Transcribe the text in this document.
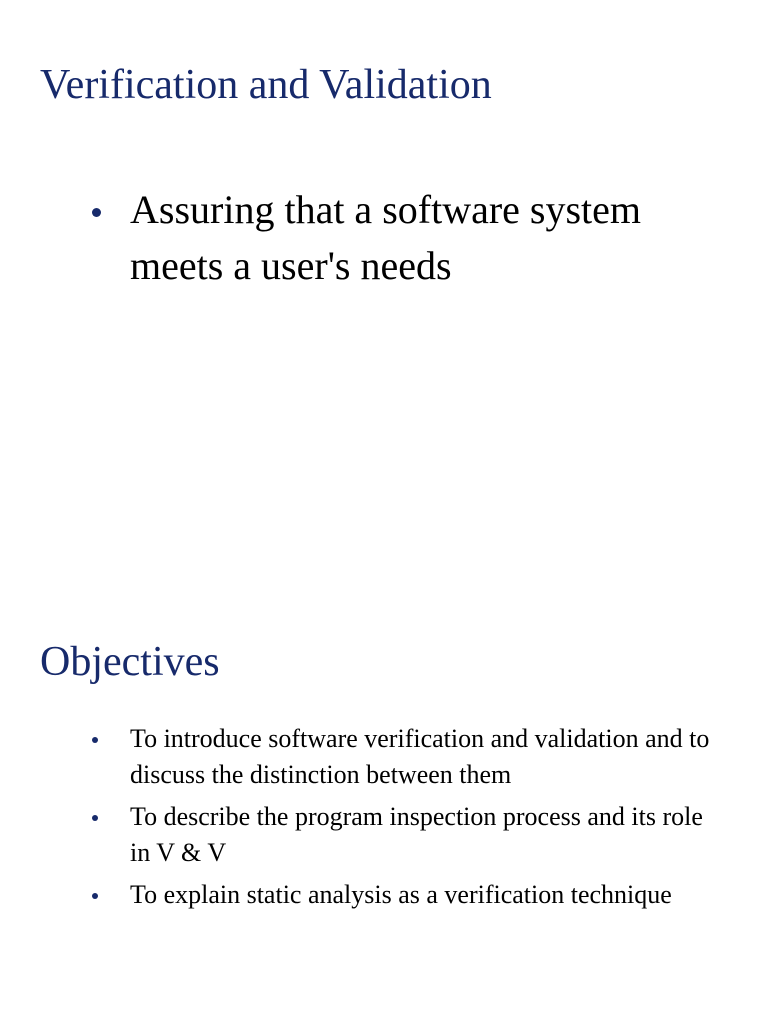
Verification and Validation
Assuring that a software system meets a user's needs
Objectives
To introduce software verification and validation and to discuss the distinction between them
To describe the program inspection process and its role in V & V
To explain static analysis as a verification technique
